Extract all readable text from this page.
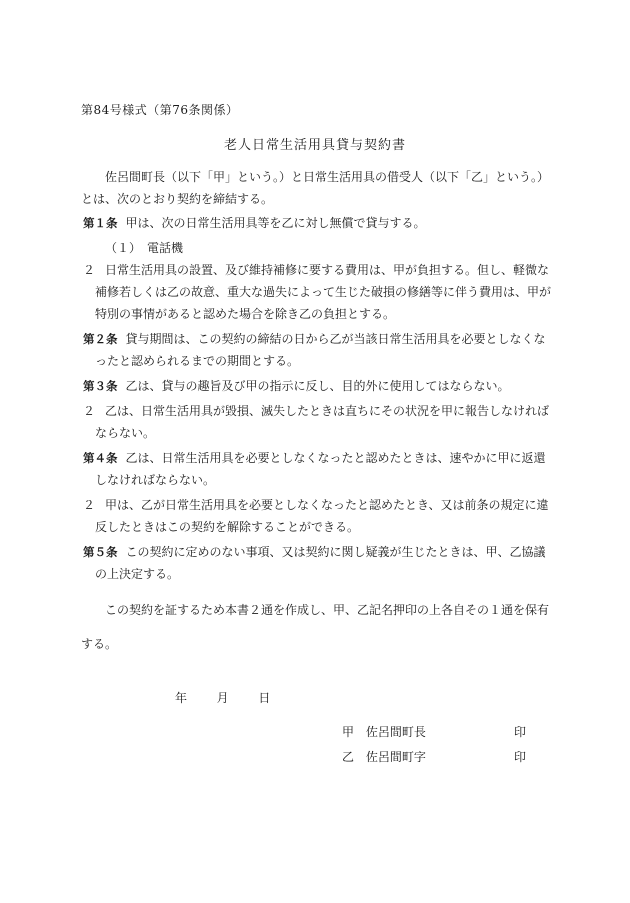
第84号様式（第76条関係）
老人日常生活用具貸与契約書

佐呂間町長（以下「甲」という。）と日常生活用具の借受人（以下「乙」という。）とは、次のとおり契約を締結する。

第１条 甲は、次の日常生活用具等を乙に対し無償で貸与する。

（１）　 電話機

２ 日常生活用具の設置、及び維持補修に要する費用は、甲が負担する。但し、軽微な補修若しくは乙の故意、重大な過失によって生じた破損の修繕等に伴う費用は、甲が特別の事情があると認めた場合を除き乙の負担とする。

第２条 貸与期間は、この契約の締結の日から乙が当該日常生活用具を必要としなくなったと認められるまでの期間とする。

第３条 乙は、貸与の趣旨及び甲の指示に反し、目的外に使用してはならない。

２ 乙は、日常生活用具が毀損、滅失したときは直ちにその状況を甲に報告しなければならない。

第４条 乙は、日常生活用具を必要としなくなったと認めたときは、速やかに甲に返還しなければならない。

２ 甲は、乙が日常生活用具を必要としなくなったと認めたとき、又は前条の規定に違反したときはこの契約を解除することができる。

第５条 この契約に定めのない事項、又は契約に関し疑義が生じたときは、甲、乙協議の上決定する。

この契約を証するため本書２通を作成し、甲、乙記名押印の上各自その１通を保有する。

年 月 日
甲 佐呂間町長	印
乙 佐呂間町字	印
